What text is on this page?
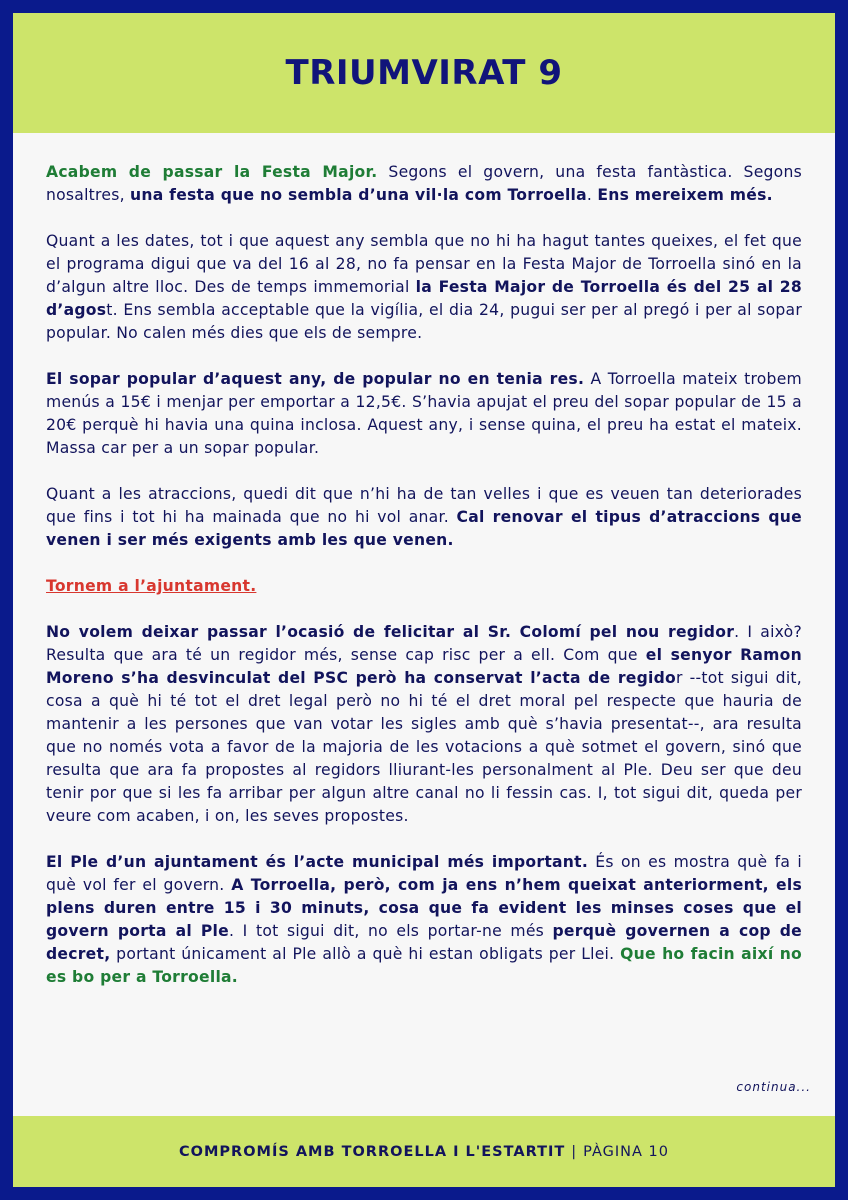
TRIUMVIRAT 9

Acabem de passar la Festa Major. Segons el govern, una festa fantàstica. Segons nosaltres, una festa que no sembla d’una vil·la com Torroella. Ens mereixem més.

Quant a les dates, tot i que aquest any sembla que no hi ha hagut tantes queixes, el fet que el programa digui que va del 16 al 28, no fa pensar en la Festa Major de Torroella sinó en la d’algun altre lloc. Des de temps immemorial la Festa Major de Torroella és del 25 al 28 d’agost. Ens sembla acceptable que la vigília, el dia 24, pugui ser per al pregó i per al sopar popular. No calen més dies que els de sempre.

El sopar popular d’aquest any, de popular no en tenia res. A Torroella mateix trobem menús a 15€ i menjar per emportar a 12,5€. S’havia apujat el preu del sopar popular de 15 a 20€ perquè hi havia una quina inclosa. Aquest any, i sense quina, el preu ha estat el mateix. Massa car per a un sopar popular.

Quant a les atraccions, quedi dit que n’hi ha de tan velles i que es veuen tan deteriorades que fins i tot hi ha mainada que no hi vol anar. Cal renovar el tipus d’atraccions que venen i ser més exigents amb les que venen.

Tornem a l’ajuntament.

No volem deixar passar l’ocasió de felicitar al Sr. Colomí pel nou regidor. I això? Resulta que ara té un regidor més, sense cap risc per a ell. Com que el senyor Ramon Moreno s’ha desvinculat del PSC però ha conservat l’acta de regidor --tot sigui dit, cosa a què hi té tot el dret legal però no hi té el dret moral pel respecte que hauria de mantenir a les persones que van votar les sigles amb què s’havia presentat--, ara resulta que no només vota a favor de la majoria de les votacions a què sotmet el govern, sinó que resulta que ara fa propostes al regidors lliurant-les personalment al Ple. Deu ser que deu tenir por que si les fa arribar per algun altre canal no li fessin cas. I, tot sigui dit, queda per veure com acaben, i on, les seves propostes.

El Ple d’un ajuntament és l’acte municipal més important. És on es mostra què fa i què vol fer el govern. A Torroella, però, com ja ens n’hem queixat anteriorment, els plens duren entre 15 i 30 minuts, cosa que fa evident les minses coses que el govern porta al Ple. I tot sigui dit, no els portar-ne més perquè governen a cop de decret, portant únicament al Ple allò a què hi estan obligats per Llei. Que ho facin així no es bo per a Torroella.

continua...
COMPROMÍS AMB TORROELLA I L'ESTARTIT | PÀGINA 10
